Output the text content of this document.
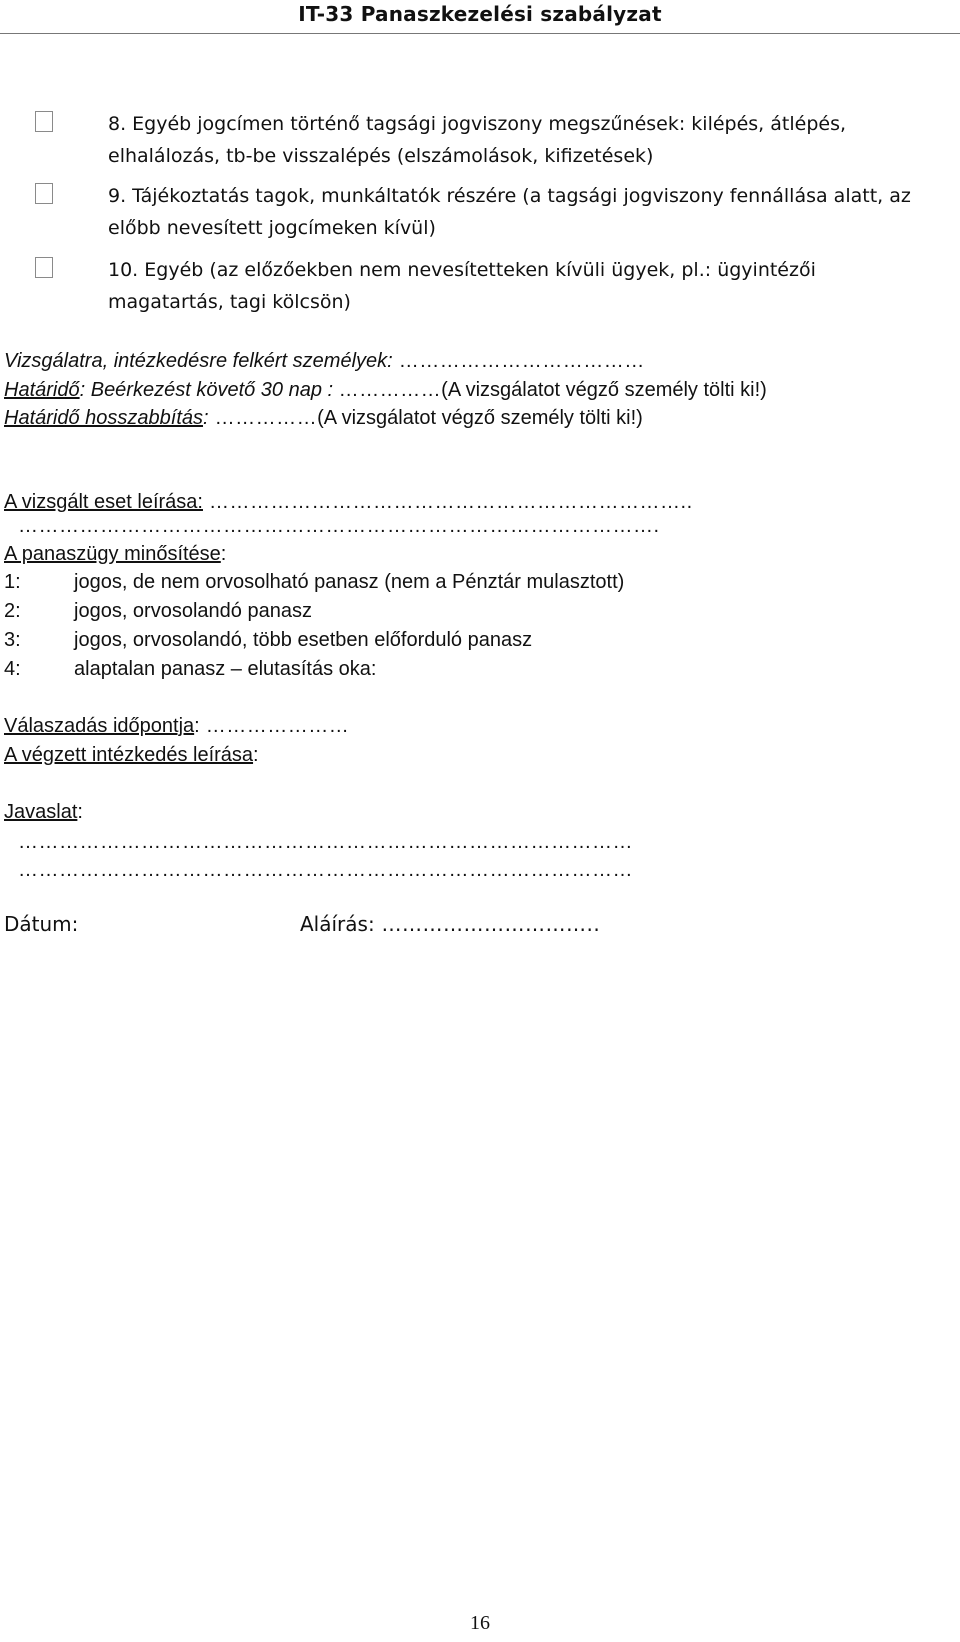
IT-33 Panaszkezelési szabályzat
8. Egyéb jogcímen történő tagsági jogviszony megszűnések: kilépés, átlépés,
elhalálozás, tb-be visszalépés (elszámolások, kifizetések)
9. Tájékoztatás tagok, munkáltatók részére (a tagsági jogviszony fennállása alatt, az
előbb nevesített jogcímeken kívül)
10. Egyéb (az előzőekben nem nevesítetteken kívüli ügyek, pl.: ügyintézői
magatartás, tagi kölcsön)
Vizsgálatra, intézkedésre felkért személyek: ………………………………
Határidő: Beérkezést követő 30 nap : ……………(A vizsgálatot végző személy tölti ki!)
Határidő hosszabbítás: ……………(A vizsgálatot végző személy tölti ki!)
A vizsgált eset leírása: ……………………………………………………………..
………………………………………………………………………………….
A panaszügy minősítése:
1:	jogos, de nem orvosolható panasz (nem a Pénztár mulasztott)
2:	jogos, orvosolandó panasz
3:	jogos, orvosolandó, több esetben előforduló panasz
4:	alaptalan panasz – elutasítás oka:
Válaszadás időpontja: …………………
A végzett intézkedés leírása:
Javaslat:
………………………………………………………………………………
………………………………………………………………………………
Dátum:	Aláírás: …………………………..
16
